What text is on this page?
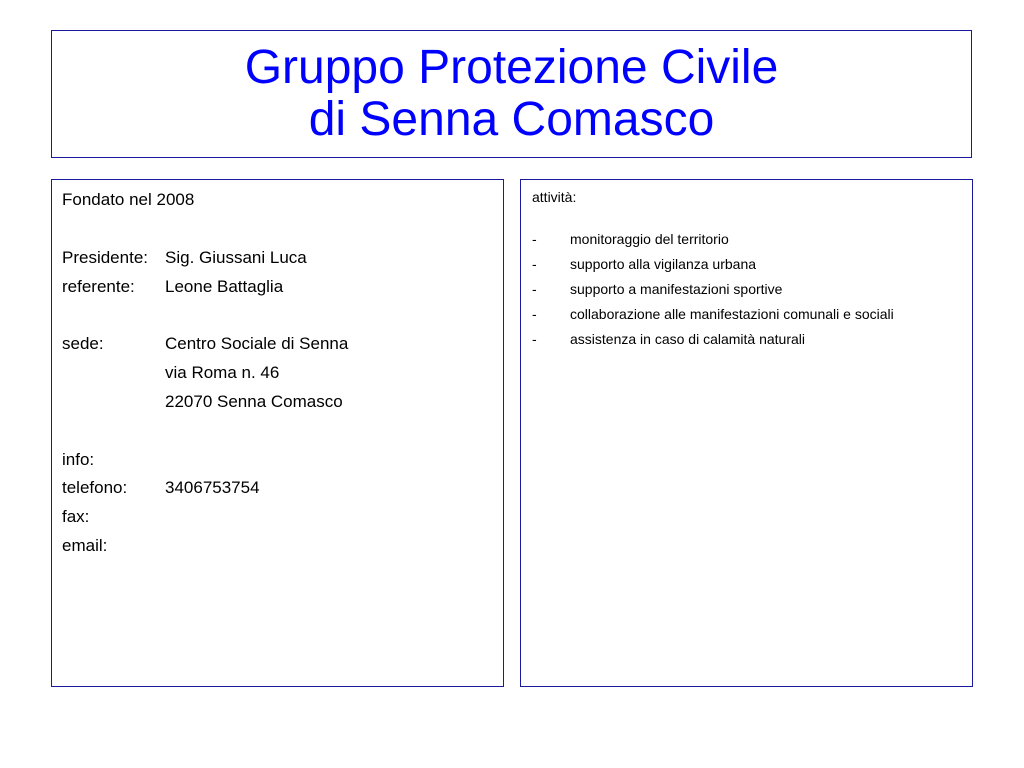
Gruppo Protezione Civile
di Senna Comasco
Fondato nel 2008
Presidente:	Sig. Giussani Luca
referente:	Leone Battaglia
sede:	Centro Sociale di Senna
via Roma n. 46
22070 Senna Comasco
info:
telefono:	3406753754
fax:
email:
attività:
-	monitoraggio del territorio
-	supporto alla vigilanza urbana
-	supporto a manifestazioni sportive
-	collaborazione alle manifestazioni comunali e sociali
-	assistenza in caso di calamità naturali
